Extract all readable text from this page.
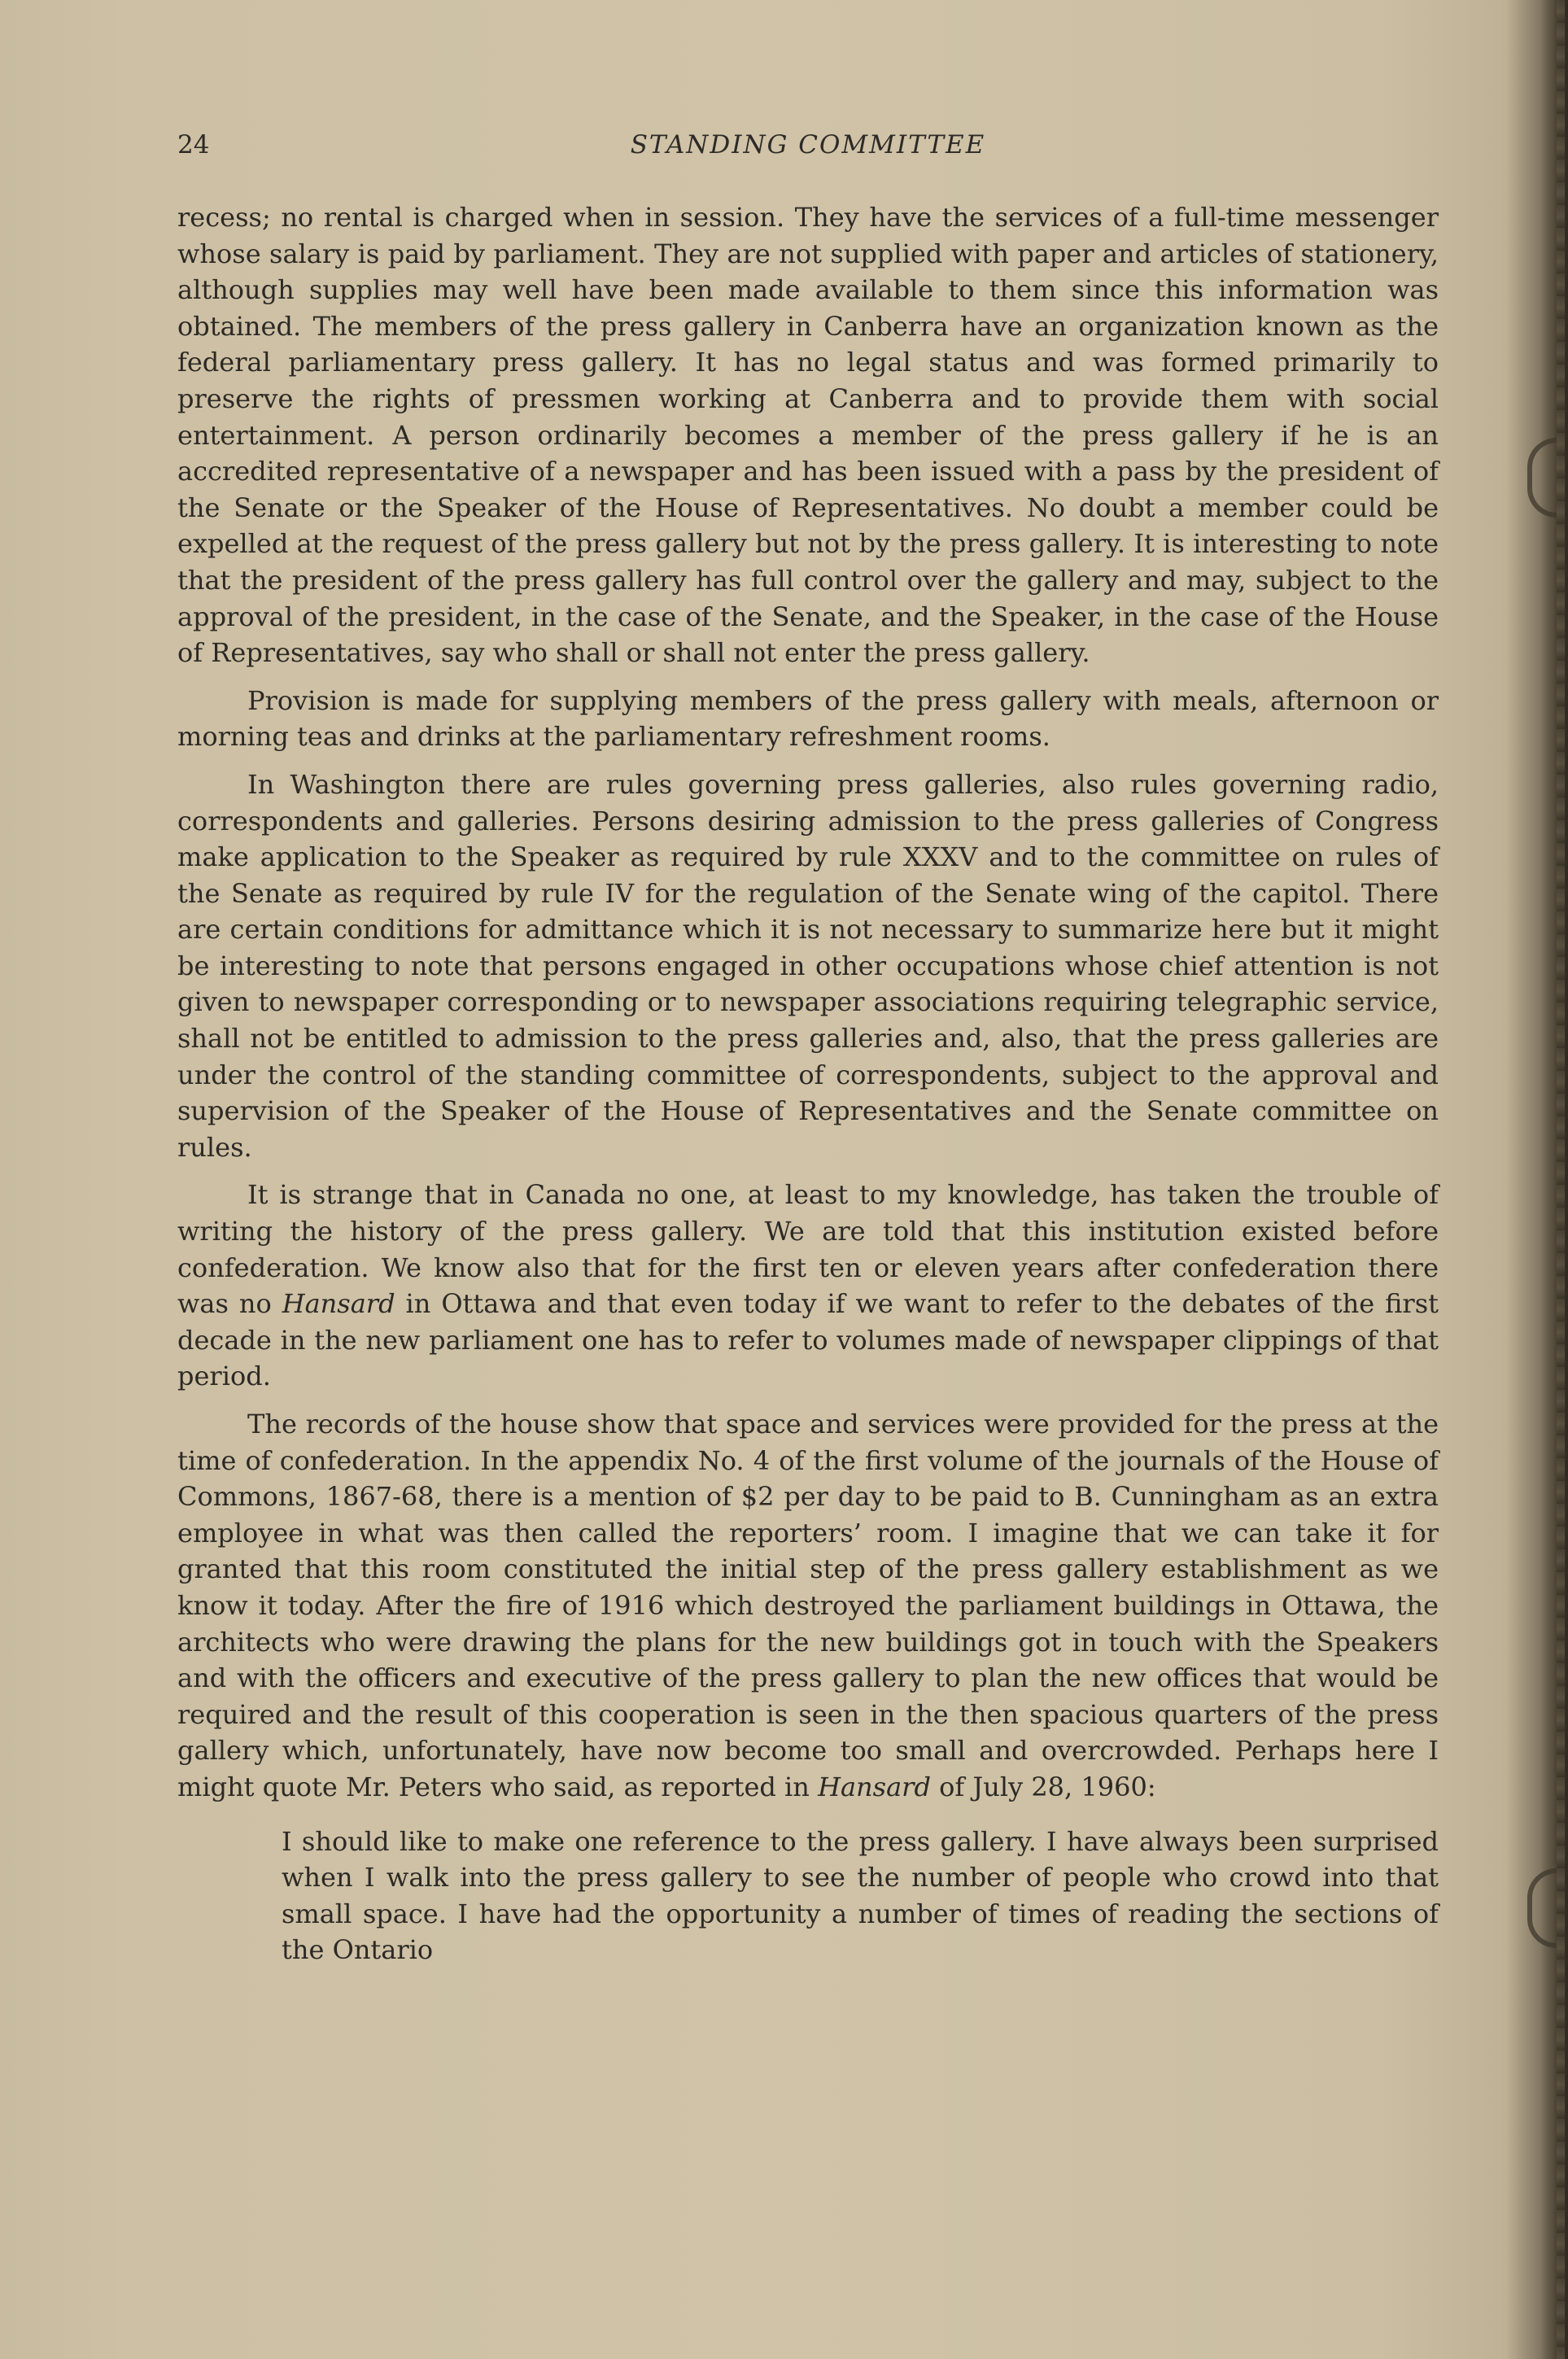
24	STANDING COMMITTEE

recess; no rental is charged when in session. They have the services of a full-time messenger whose salary is paid by parliament. They are not supplied with paper and articles of stationery, although supplies may well have been made available to them since this information was obtained. The members of the press gallery in Canberra have an organization known as the federal parliamentary press gallery. It has no legal status and was formed primarily to preserve the rights of pressmen working at Canberra and to provide them with social entertainment. A person ordinarily becomes a member of the press gallery if he is an accredited representative of a newspaper and has been issued with a pass by the president of the Senate or the Speaker of the House of Representatives. No doubt a member could be expelled at the request of the press gallery but not by the press gallery. It is interesting to note that the president of the press gallery has full control over the gallery and may, subject to the approval of the president, in the case of the Senate, and the Speaker, in the case of the House of Representatives, say who shall or shall not enter the press gallery.

Provision is made for supplying members of the press gallery with meals, afternoon or morning teas and drinks at the parliamentary refreshment rooms.

In Washington there are rules governing press galleries, also rules governing radio, correspondents and galleries. Persons desiring admission to the press galleries of Congress make application to the Speaker as required by rule XXXV and to the committee on rules of the Senate as required by rule IV for the regulation of the Senate wing of the capitol. There are certain conditions for admittance which it is not necessary to summarize here but it might be interesting to note that persons engaged in other occupations whose chief attention is not given to newspaper corresponding or to newspaper associations requiring telegraphic service, shall not be entitled to admission to the press galleries and, also, that the press galleries are under the control of the standing committee of correspondents, subject to the approval and supervision of the Speaker of the House of Representatives and the Senate committee on rules.

It is strange that in Canada no one, at least to my knowledge, has taken the trouble of writing the history of the press gallery. We are told that this institution existed before confederation. We know also that for the first ten or eleven years after confederation there was no Hansard in Ottawa and that even today if we want to refer to the debates of the first decade in the new parliament one has to refer to volumes made of newspaper clippings of that period.

The records of the house show that space and services were provided for the press at the time of confederation. In the appendix No. 4 of the first volume of the journals of the House of Commons, 1867-68, there is a mention of $2 per day to be paid to B. Cunningham as an extra employee in what was then called the reporters’ room. I imagine that we can take it for granted that this room constituted the initial step of the press gallery establishment as we know it today. After the fire of 1916 which destroyed the parliament buildings in Ottawa, the architects who were drawing the plans for the new buildings got in touch with the Speakers and with the officers and executive of the press gallery to plan the new offices that would be required and the result of this cooperation is seen in the then spacious quarters of the press gallery which, unfortunately, have now become too small and overcrowded. Perhaps here I might quote Mr. Peters who said, as reported in Hansard of July 28, 1960:

I should like to make one reference to the press gallery. I have always been surprised when I walk into the press gallery to see the number of people who crowd into that small space. I have had the opportunity a number of times of reading the sections of the Ontario
